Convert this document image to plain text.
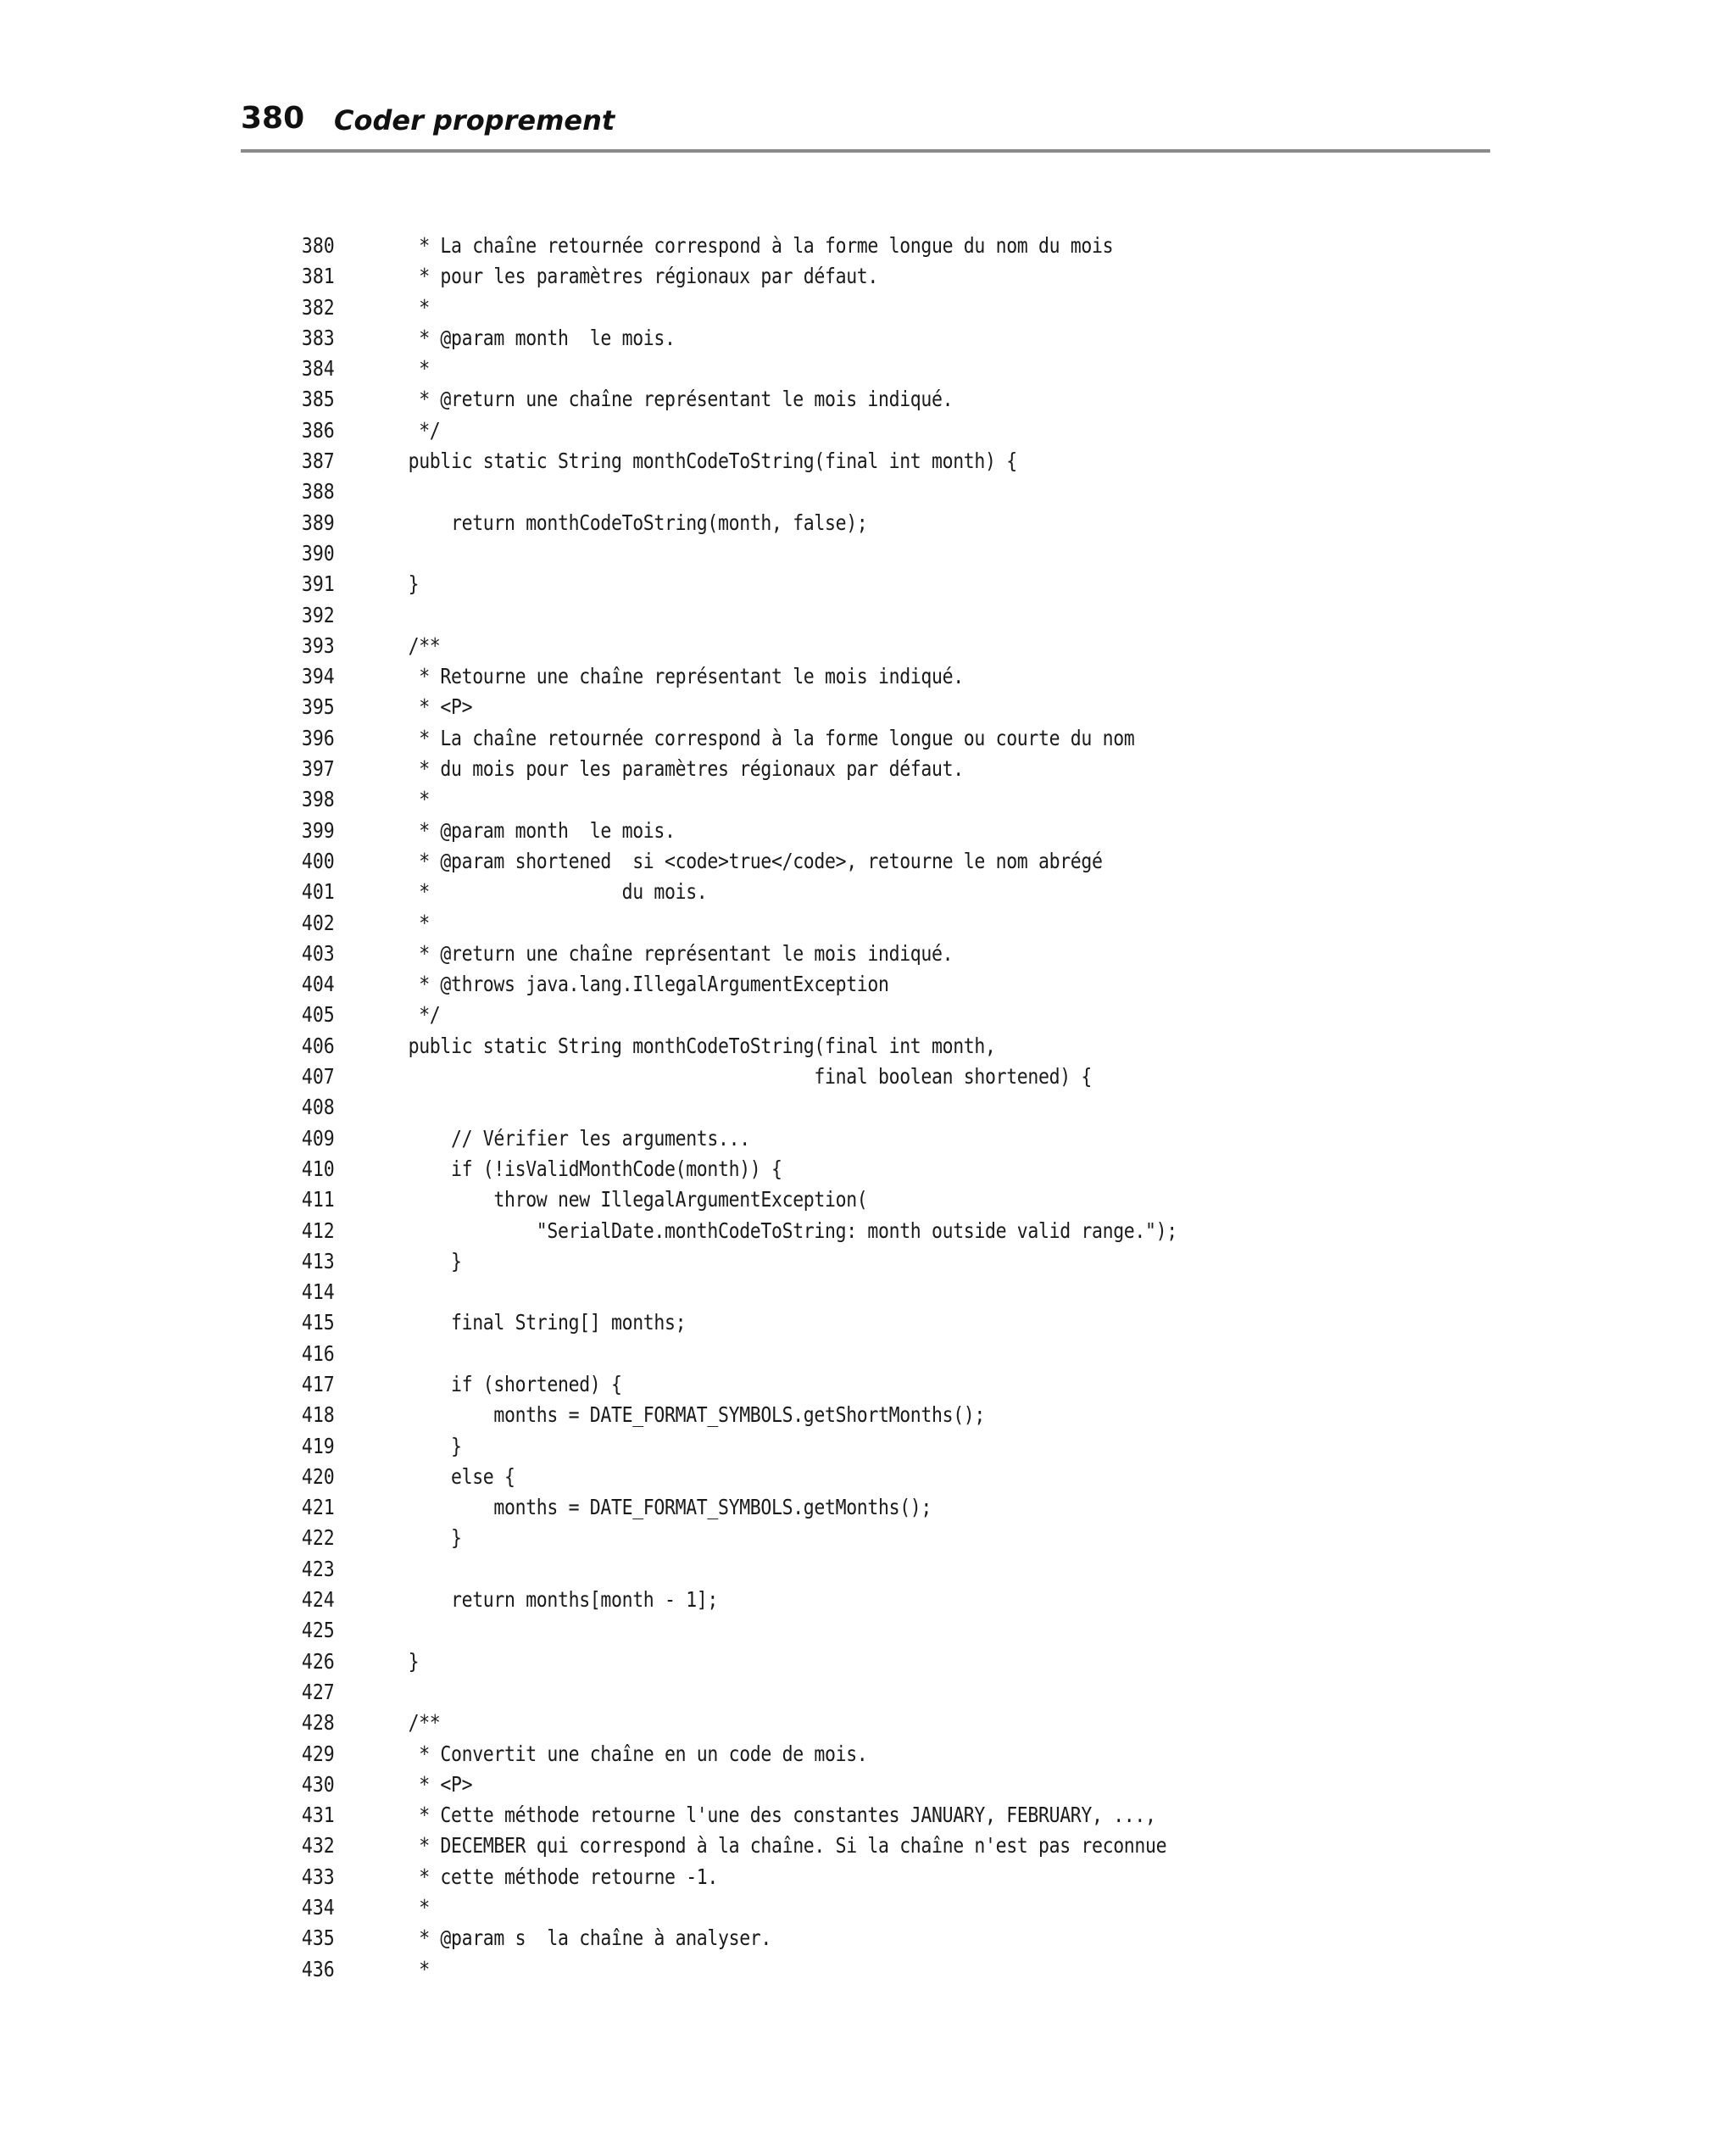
380 Coder proprement
380	* La chaîne retournée correspond à la forme longue du nom du mois
381	* pour les paramètres régionaux par défaut.
382	*
383	* @param month  le mois.
384	*
385	* @return une chaîne représentant le mois indiqué.
386	*/
387	public static String monthCodeToString(final int month) {
388
389	return monthCodeToString(month, false);
390
391	}
392
393	/**
394	* Retourne une chaîne représentant le mois indiqué.
395	* <P>
396	* La chaîne retournée correspond à la forme longue ou courte du nom
397	* du mois pour les paramètres régionaux par défaut.
398	*
399	* @param month  le mois.
400	* @param shortened  si <code>true</code>, retourne le nom abrégé
401	*                  du mois.
402	*
403	* @return une chaîne représentant le mois indiqué.
404	* @throws java.lang.IllegalArgumentException
405	*/
406	public static String monthCodeToString(final int month,
407	final boolean shortened) {
408
409	// Vérifier les arguments...
410	if (!isValidMonthCode(month)) {
411	throw new IllegalArgumentException(
412	"SerialDate.monthCodeToString: month outside valid range.");
413	}
414
415	final String[] months;
416
417	if (shortened) {
418	months = DATE_FORMAT_SYMBOLS.getShortMonths();
419	}
420	else {
421	months = DATE_FORMAT_SYMBOLS.getMonths();
422	}
423
424	return months[month - 1];
425
426	}
427
428	/**
429	* Convertit une chaîne en un code de mois.
430	* <P>
431	* Cette méthode retourne l'une des constantes JANUARY, FEBRUARY, ...,
432	* DECEMBER qui correspond à la chaîne. Si la chaîne n'est pas reconnue
433	* cette méthode retourne -1.
434	*
435	* @param s  la chaîne à analyser.
436	*
